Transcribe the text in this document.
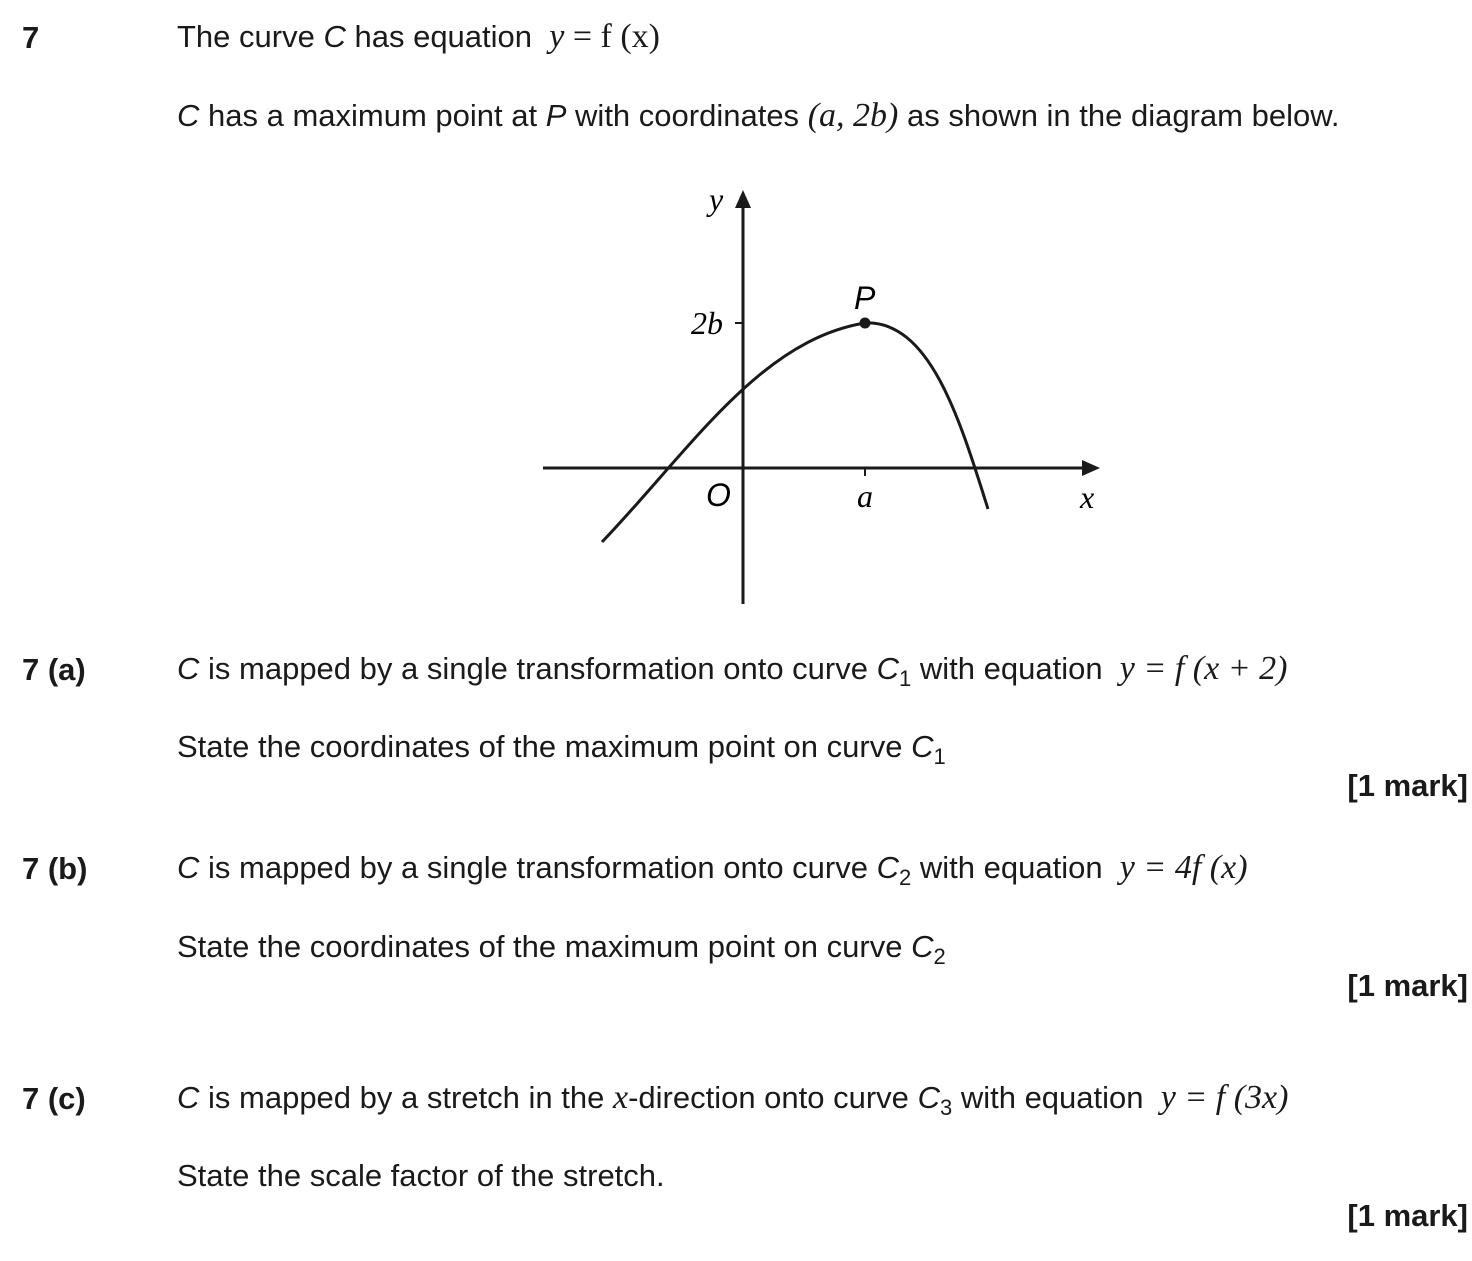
7	The curve C has equation y = f (x)
C has a maximum point at P with coordinates (a, 2b) as shown in the diagram below.
y
x
O
P
2b
a
7 (a)	C is mapped by a single transformation onto curve $C_1$ with equation y = f (x + 2)
State the coordinates of the maximum point on curve $C_1$
[1 mark]
7 (b)	C is mapped by a single transformation onto curve $C_2$ with equation y = 4f (x)
State the coordinates of the maximum point on curve $C_2$
[1 mark]
7 (c)	C is mapped by a stretch in the x-direction onto curve $C_3$ with equation y = f (3x)
State the scale factor of the stretch.
[1 mark]
